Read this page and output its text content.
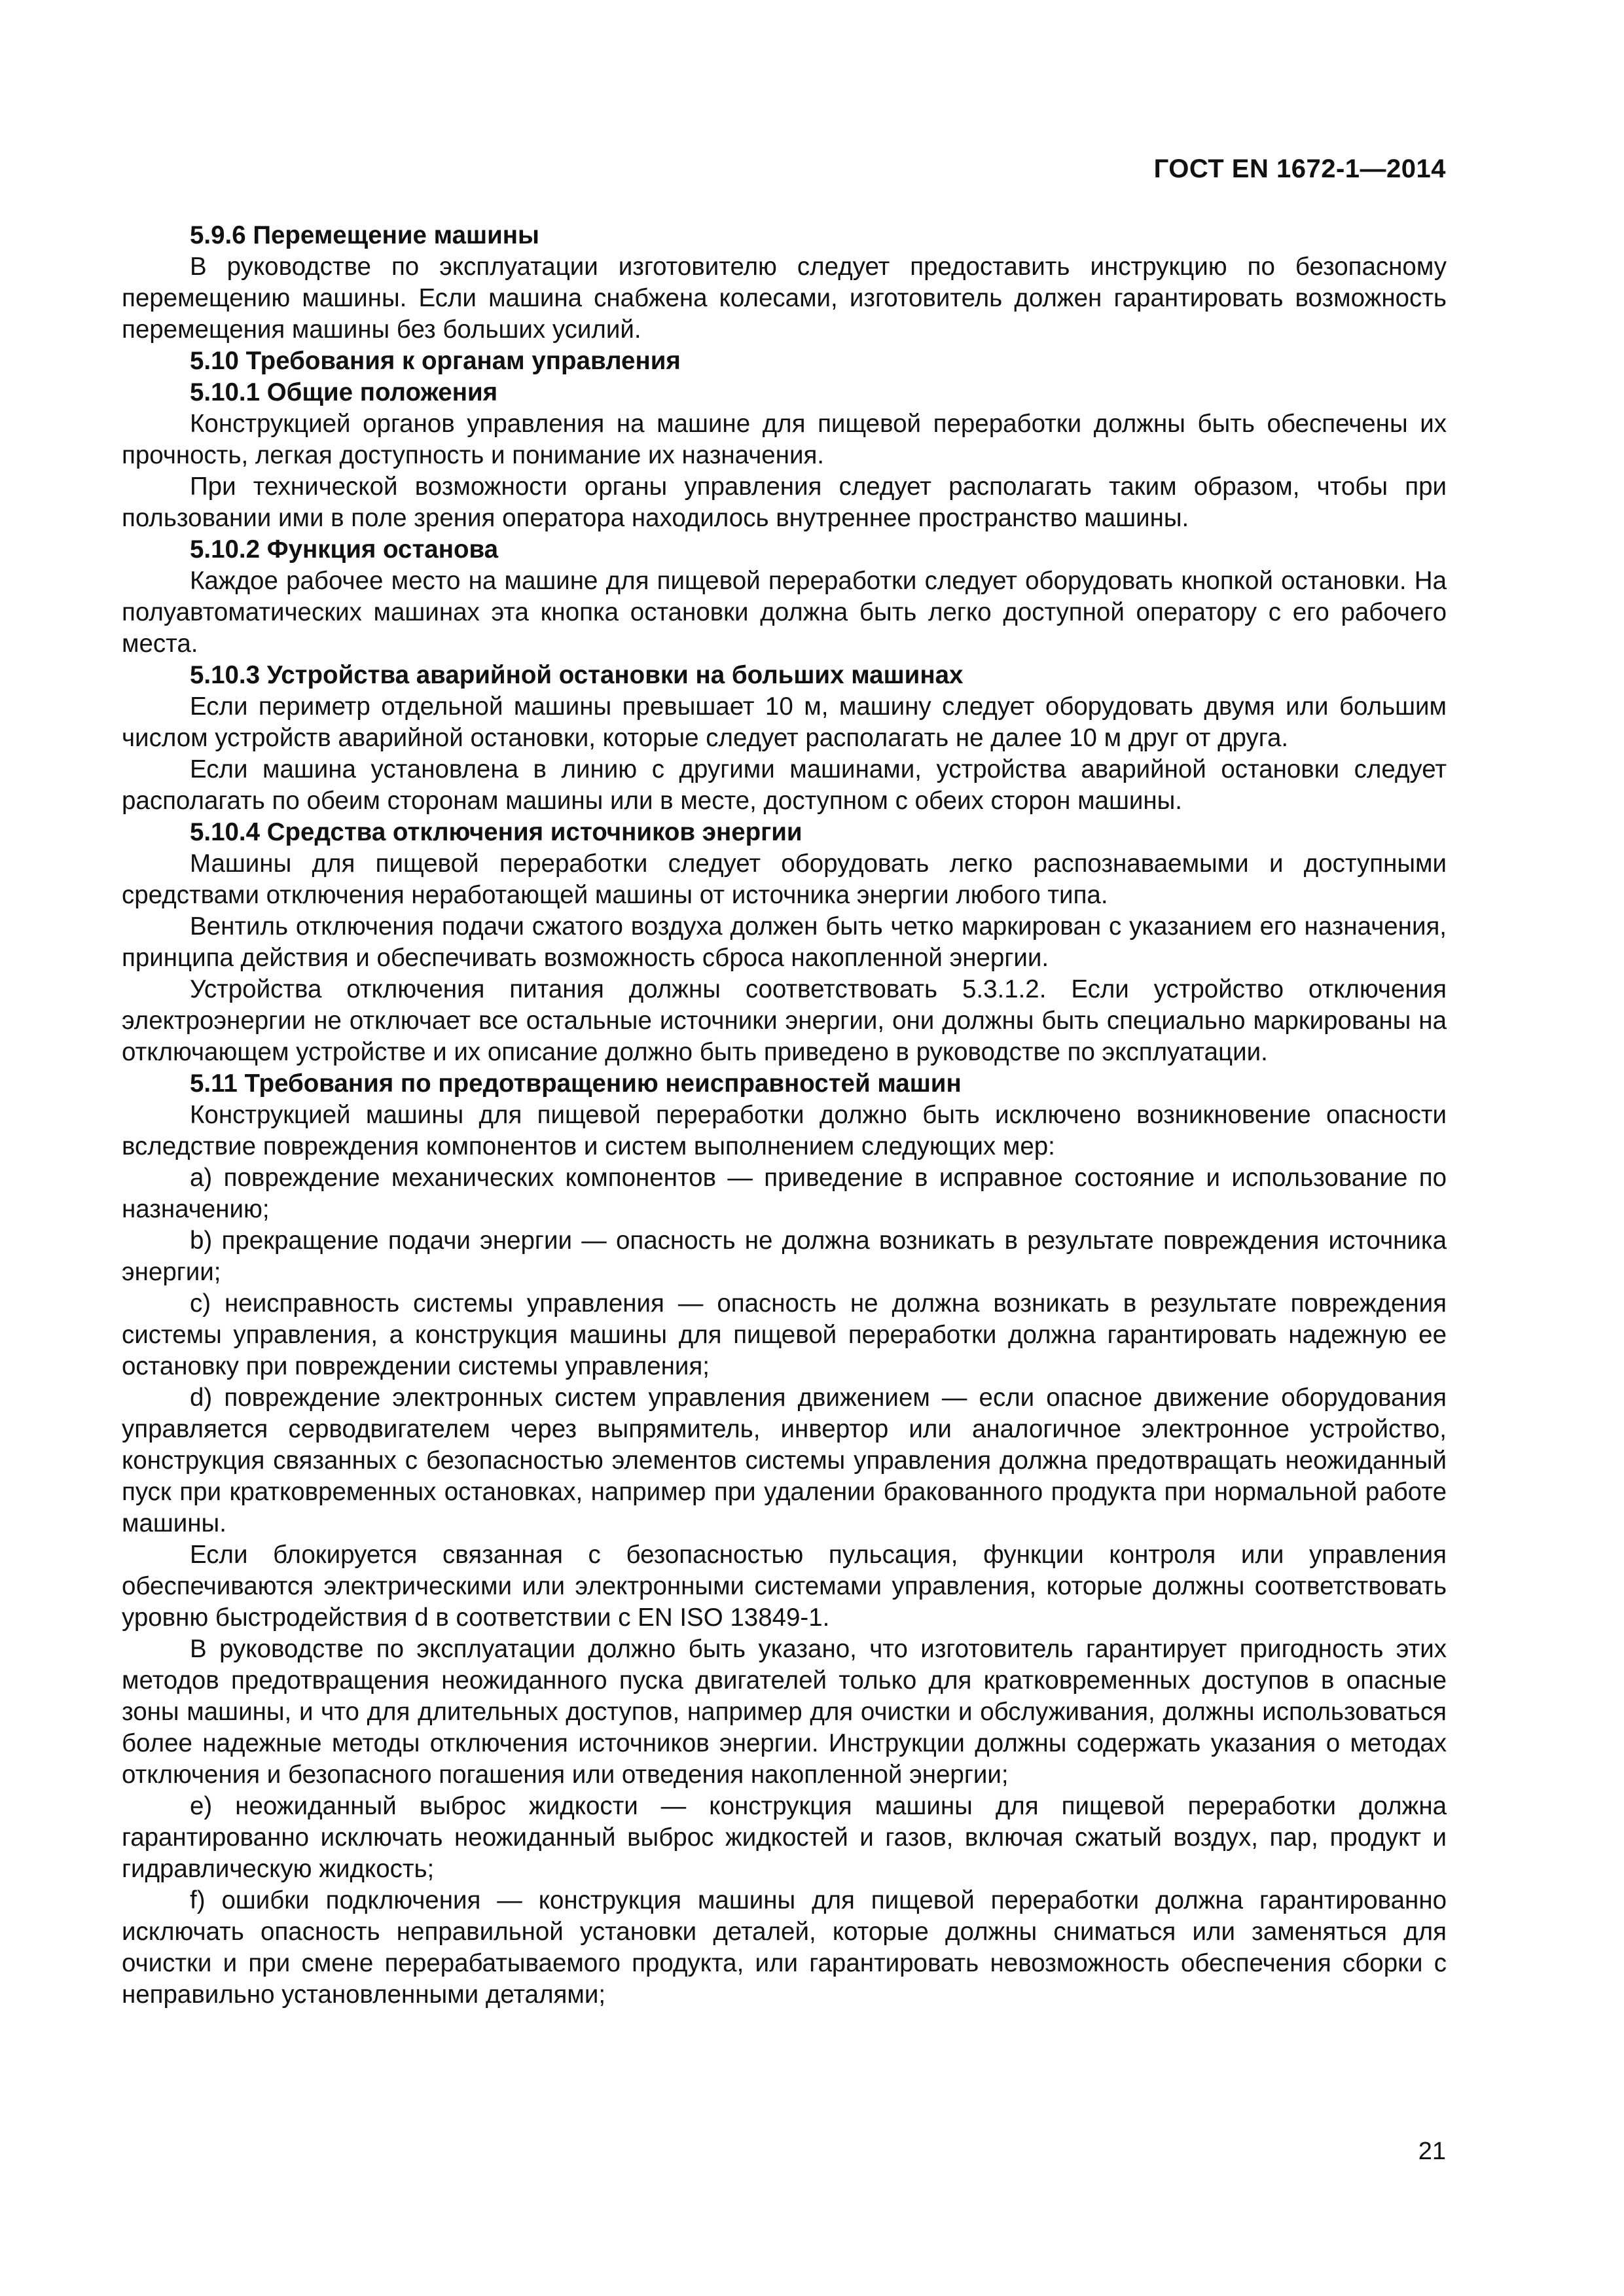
ГОСТ EN 1672-1—2014
5.9.6 Перемещение машины

В руководстве по эксплуатации изготовителю следует предоставить инструкцию по безопасному перемещению машины. Если машина снабжена колесами, изготовитель должен гарантировать возможность перемещения машины без больших усилий.

5.10 Требования к органам управления
5.10.1 Общие положения

Конструкцией органов управления на машине для пищевой переработки должны быть обеспечены их прочность, легкая доступность и понимание их назначения.

При технической возможности органы управления следует располагать таким образом, чтобы при пользовании ими в поле зрения оператора находилось внутреннее пространство машины.

5.10.2 Функция останова

Каждое рабочее место на машине для пищевой переработки следует оборудовать кнопкой остановки. На полуавтоматических машинах эта кнопка остановки должна быть легко доступной оператору с его рабочего места.

5.10.3 Устройства аварийной остановки на больших машинах

Если периметр отдельной машины превышает 10 м, машину следует оборудовать двумя или большим числом устройств аварийной остановки, которые следует располагать не далее 10 м друг от друга.

Если машина установлена в линию с другими машинами, устройства аварийной остановки следует располагать по обеим сторонам машины или в месте, доступном с обеих сторон машины.

5.10.4 Средства отключения источников энергии

Машины для пищевой переработки следует оборудовать легко распознаваемыми и доступными средствами отключения неработающей машины от источника энергии любого типа.

Вентиль отключения подачи сжатого воздуха должен быть четко маркирован с указанием его назначения, принципа действия и обеспечивать возможность сброса накопленной энергии.

Устройства отключения питания должны соответствовать 5.3.1.2. Если устройство отключения электроэнергии не отключает все остальные источники энергии, они должны быть специально маркированы на отключающем устройстве и их описание должно быть приведено в руководстве по эксплуатации.

5.11 Требования по предотвращению неисправностей машин

Конструкцией машины для пищевой переработки должно быть исключено возникновение опасности вследствие повреждения компонентов и систем выполнением следующих мер:

a) повреждение механических компонентов — приведение в исправное состояние и использование по назначению;

b) прекращение подачи энергии — опасность не должна возникать в результате повреждения источника энергии;

c) неисправность системы управления — опасность не должна возникать в результате повреждения системы управления, а конструкция машины для пищевой переработки должна гарантировать надежную ее остановку при повреждении системы управления;

d) повреждение электронных систем управления движением — если опасное движение оборудования управляется серводвигателем через выпрямитель, инвертор или аналогичное электронное устройство, конструкция связанных с безопасностью элементов системы управления должна предотвращать неожиданный пуск при кратковременных остановках, например при удалении бракованного продукта при нормальной работе машины.

Если блокируется связанная с безопасностью пульсация, функции контроля или управления обеспечиваются электрическими или электронными системами управления, которые должны соответствовать уровню быстродействия d в соответствии с EN ISO 13849-1.

В руководстве по эксплуатации должно быть указано, что изготовитель гарантирует пригодность этих методов предотвращения неожиданного пуска двигателей только для кратковременных доступов в опасные зоны машины, и что для длительных доступов, например для очистки и обслуживания, должны использоваться более надежные методы отключения источников энергии. Инструкции должны содержать указания о методах отключения и безопасного погашения или отведения накопленной энергии;

e) неожиданный выброс жидкости — конструкция машины для пищевой переработки должна гарантированно исключать неожиданный выброс жидкостей и газов, включая сжатый воздух, пар, продукт и гидравлическую жидкость;

f) ошибки подключения — конструкция машины для пищевой переработки должна гарантированно исключать опасность неправильной установки деталей, которые должны сниматься или заменяться для очистки и при смене перерабатываемого продукта, или гарантировать невозможность обеспечения сборки с неправильно установленными деталями;

21
